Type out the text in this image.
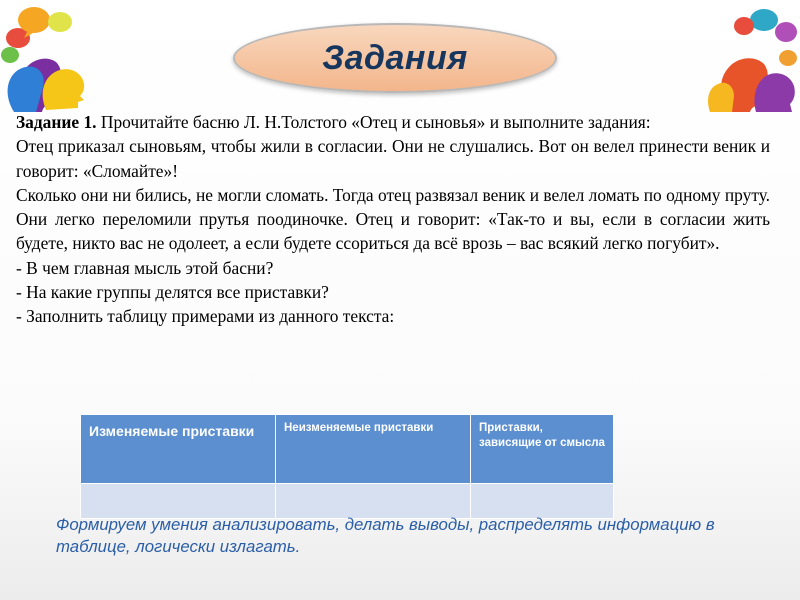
Задания

Задание 1. Прочитайте басню Л. Н.Толстого «Отец и сыновья» и выполните задания:

Отец приказал сыновьям, чтобы жили в согласии. Они не слушались. Вот он велел принести веник и говорит: «Сломайте»!

Сколько они ни бились, не могли сломать. Тогда отец развязал веник и велел ломать по одному пруту. Они легко переломили прутья поодиночке. Отец и говорит: «Так-то и вы, если в согласии жить будете, никто вас не одолеет, а если будете ссориться да всё врозь – вас всякий легко погубит».

- В чем главная мысль этой басни?

- На какие группы делятся все приставки?

- Заполнить таблицу примерами из данного текста:

Изменяемые приставки	Неизменяемые приставки	Приставки, зависящие от смысла

Формируем умения анализировать, делать выводы, распределять информацию в таблице, логически излагать.
